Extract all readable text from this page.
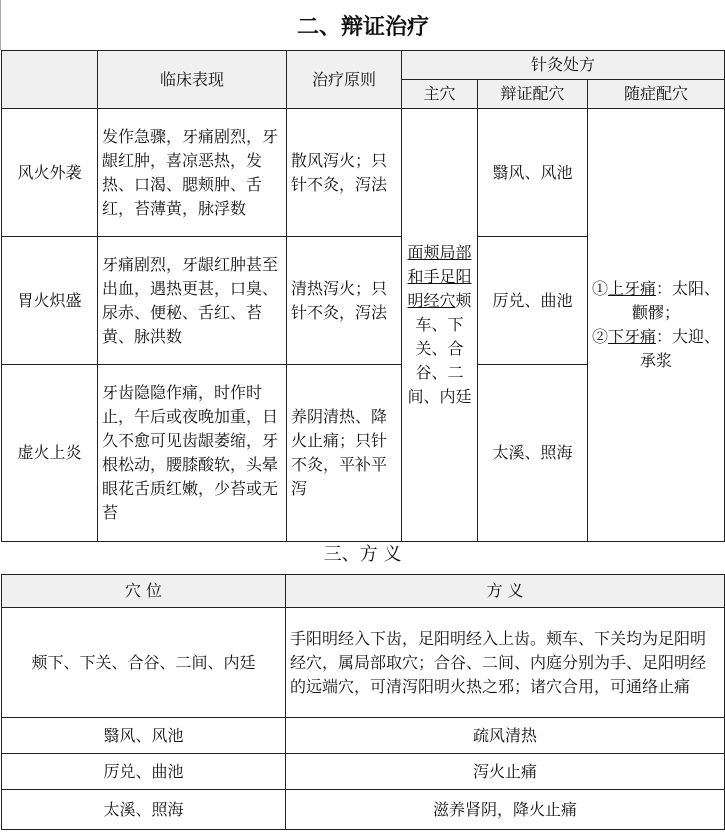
二、辩证治疗
	临床表现	治疗原则	针灸处方		
			主穴	辩证配穴	随症配穴
风火外袭	发作急骤，牙痛剧烈，牙龈红肿，喜凉恶热，发热、口渴、腮颊肿、舌红，苔薄黄，脉浮数	散风泻火；只针不灸，泻法	面颊局部和手足阳明经穴颊车、下关、合谷、二间、内廷	翳风、风池	①上牙痛：太阳、颧髎；
②下牙痛：大迎、承浆
胃火炽盛	牙痛剧烈，牙龈红肿甚至出血，遇热更甚，口臭、尿赤、便秘、舌红、苔黄、脉洪数	清热泻火；只针不灸，泻法		厉兑、曲池	
虚火上炎	牙齿隐隐作痛，时作时止，午后或夜晚加重，日久不愈可见齿龈萎缩，牙根松动，腰膝酸软，头晕眼花舌质红嫩，少苔或无苔	养阴清热、降火止痛；只针不灸，平补平泻		太溪、照海	
三、方 义
穴 位	方 义
颊下、下关、合谷、二间、内廷	手阳明经入下齿，足阳明经入上齿。颊车、下关均为足阳明经穴，属局部取穴；合谷、二间、内庭分别为手、足阳明经的远端穴，可清泻阳明火热之邪；诸穴合用，可通络止痛
翳风、风池	疏风清热
厉兑、曲池	泻火止痛
太溪、照海	滋养肾阴，降火止痛
